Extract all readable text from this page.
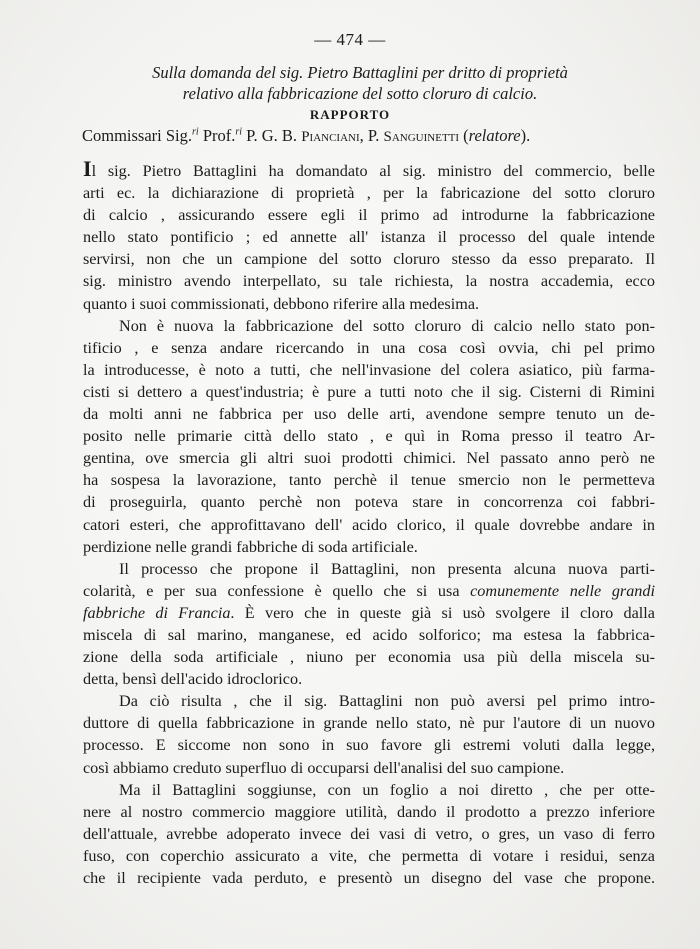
— 474 —
Sulla domanda del sig. Pietro Battaglini per dritto di proprietà
relativo alla fabbricazione del sotto cloruro di calcio.
RAPPORTO
Commissari Sig.$^{ri}$ Prof.$^{ri}$ P. G. B. Pianciani, P. Sanguinetti (relatore).
Il sig. Pietro Battaglini ha domandato al sig. ministro del commercio, belle
arti ec. la dichiarazione di proprietà , per la fabricazione del sotto cloruro
di calcio , assicurando essere egli il primo ad introdurne la fabbricazione
nello stato pontificio ; ed annette all' istanza il processo del quale intende
servirsi, non che un campione del sotto cloruro stesso da esso preparato. Il
sig. ministro avendo interpellato, su tale richiesta, la nostra accademia, ecco
quanto i suoi commissionati, debbono riferire alla medesima.
Non è nuova la fabbricazione del sotto cloruro di calcio nello stato pon-
tificio , e senza andare ricercando in una cosa così ovvia, chi pel primo
la introducesse, è noto a tutti, che nell'invasione del colera asiatico, più farma-
cisti si dettero a quest'industria; è pure a tutti noto che il sig. Cisterni di Rimini
da molti anni ne fabbrica per uso delle arti, avendone sempre tenuto un de-
posito nelle primarie città dello stato , e quì in Roma presso il teatro Ar-
gentina, ove smercia gli altri suoi prodotti chimici. Nel passato anno però ne
ha sospesa la lavorazione, tanto perchè il tenue smercio non le permetteva
di proseguirla, quanto perchè non poteva stare in concorrenza coi fabbri-
catori esteri, che approfittavano dell' acido clorico, il quale dovrebbe andare in
perdizione nelle grandi fabbriche di soda artificiale.
Il processo che propone il Battaglini, non presenta alcuna nuova parti-
colarità, e per sua confessione è quello che si usa comunemente nelle grandi
fabbriche di Francia. È vero che in queste già si usò svolgere il cloro dalla
miscela di sal marino, manganese, ed acido solforico; ma estesa la fabbrica-
zione della soda artificiale , niuno per economia usa più della miscela su-
detta, bensì dell'acido idroclorico.
Da ciò risulta , che il sig. Battaglini non può aversi pel primo intro-
duttore di quella fabbricazione in grande nello stato, nè pur l'autore di un nuovo
processo. E siccome non sono in suo favore gli estremi voluti dalla legge,
così abbiamo creduto superfluo di occuparsi dell'analisi del suo campione.
Ma il Battaglini soggiunse, con un foglio a noi diretto , che per otte-
nere al nostro commercio maggiore utilità, dando il prodotto a prezzo inferiore
dell'attuale, avrebbe adoperato invece dei vasi di vetro, o gres, un vaso di ferro
fuso, con coperchio assicurato a vite, che permetta di votare i residui, senza
che il recipiente vada perduto, e presentò un disegno del vase che propone.
